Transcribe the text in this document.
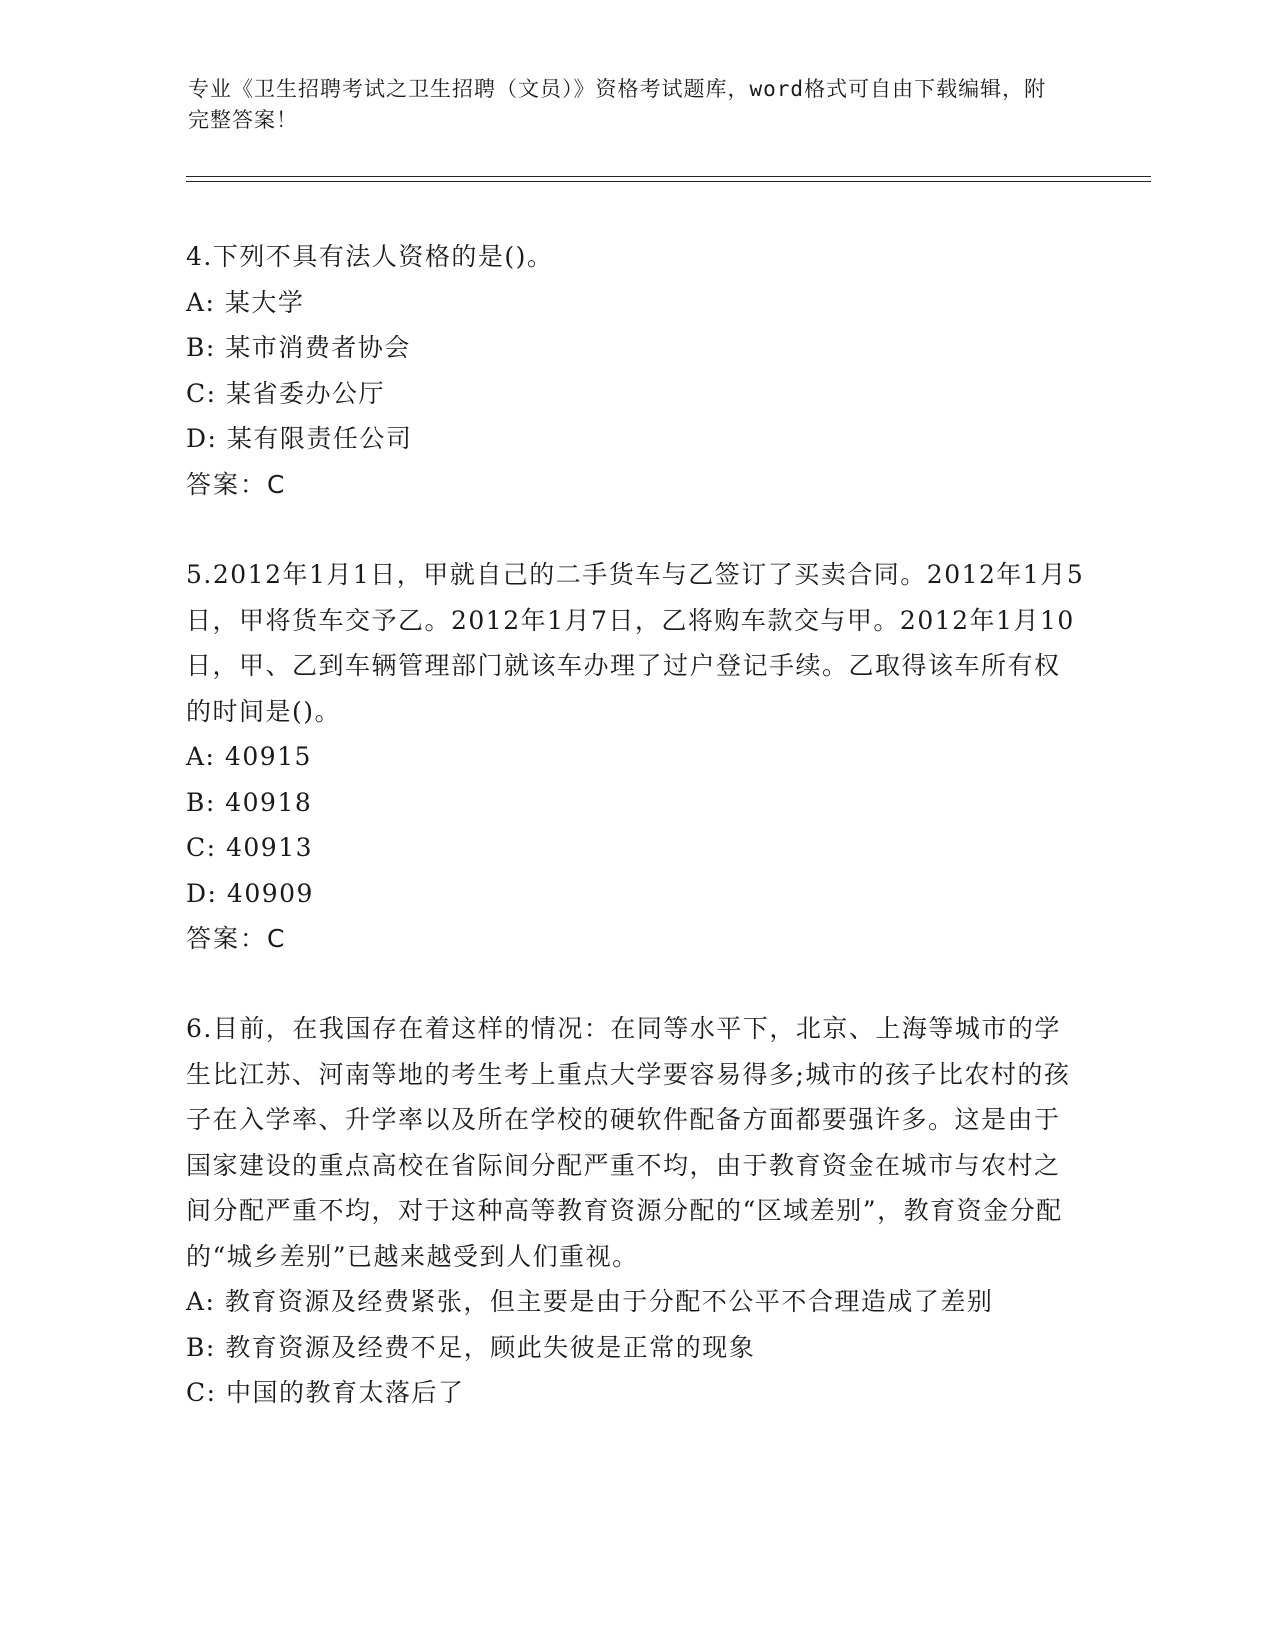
专业《卫生招聘考试之卫生招聘（文员）》资格考试题库，word格式可自由下载编辑，附完整答案！
4.下列不具有法人资格的是()。
A: 某大学
B: 某市消费者协会
C: 某省委办公厅
D: 某有限责任公司
答案：C
5.2012年1月1日，甲就自己的二手货车与乙签订了买卖合同。2012年1月5日，甲将货车交予乙。2012年1月7日，乙将购车款交与甲。2012年1月10日，甲、乙到车辆管理部门就该车办理了过户登记手续。乙取得该车所有权的时间是()。
A: 40915
B: 40918
C: 40913
D: 40909
答案：C
6.目前，在我国存在着这样的情况：在同等水平下，北京、上海等城市的学生比江苏、河南等地的考生考上重点大学要容易得多;城市的孩子比农村的孩子在入学率、升学率以及所在学校的硬软件配备方面都要强许多。这是由于国家建设的重点高校在省际间分配严重不均，由于教育资金在城市与农村之间分配严重不均，对于这种高等教育资源分配的“区域差别”，教育资金分配的“城乡差别”已越来越受到人们重视。
A: 教育资源及经费紧张，但主要是由于分配不公平不合理造成了差别
B: 教育资源及经费不足，顾此失彼是正常的现象
C: 中国的教育太落后了
